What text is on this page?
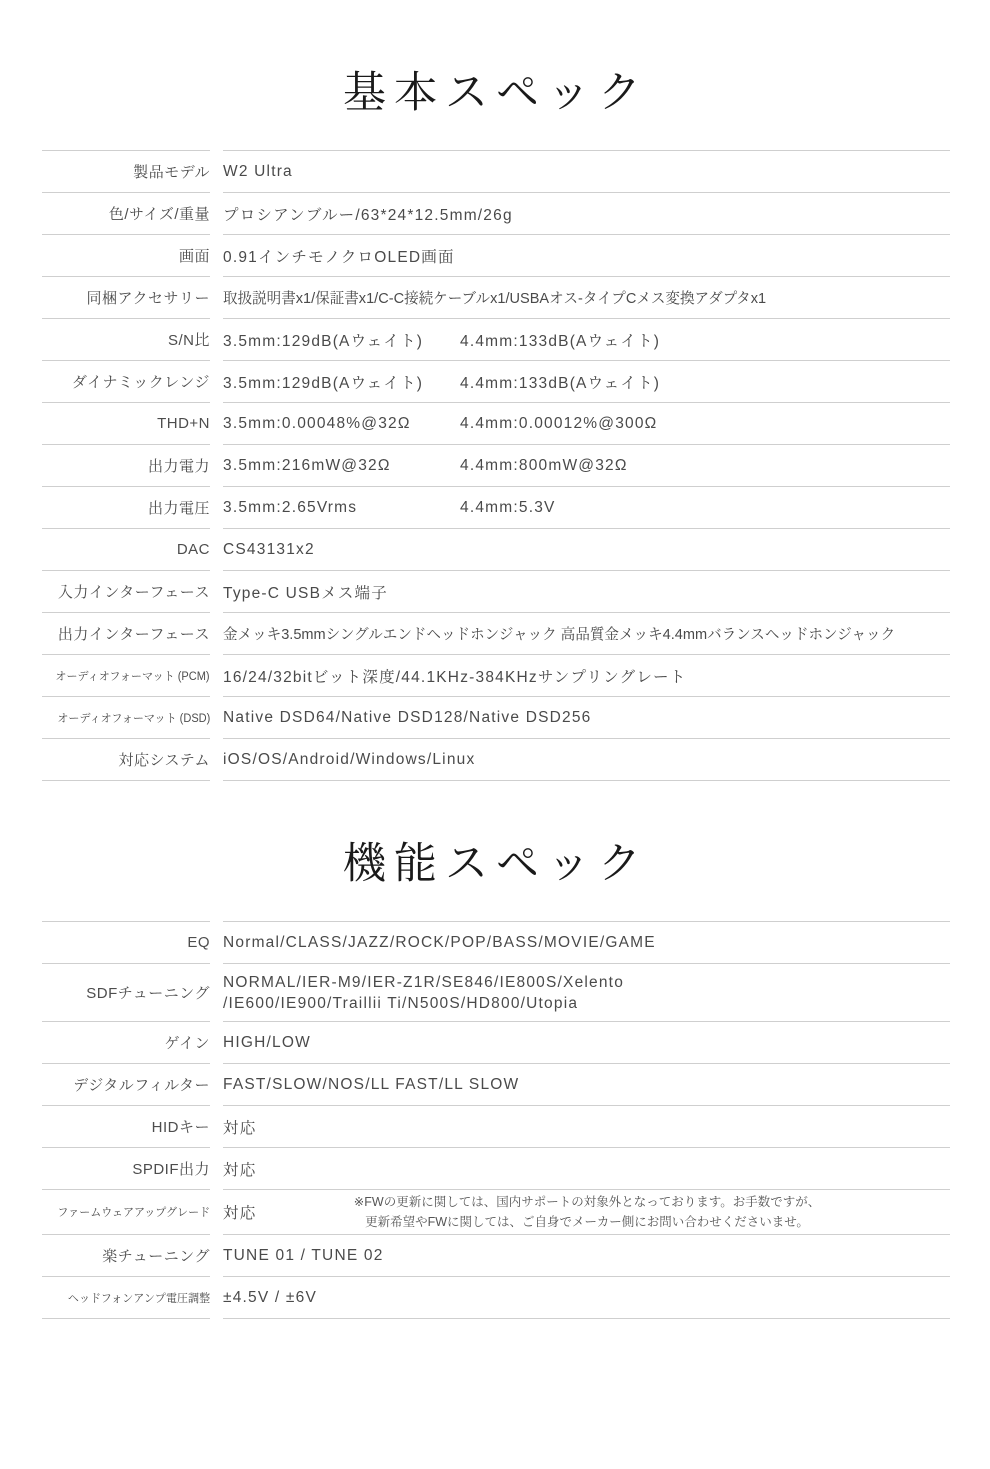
基本スペック
製品モデル W2 Ultra
色/サイズ/重量 プロシアンブルー/63*24*12.5mm/26g
画面 0.91インチモノクロOLED画面
同梱アクセサリー 取扱説明書x1/保証書x1/C-C接続ケーブルx1/USBAオス-タイプCメス変換アダプタx1
S/N比 3.5mm:129dB(Aウェイト)	4.4mm:133dB(Aウェイト)
ダイナミックレンジ 3.5mm:129dB(Aウェイト)	4.4mm:133dB(Aウェイト)
THD+N 3.5mm:0.00048%@32Ω	4.4mm:0.00012%@300Ω
出力電力 3.5mm:216mW@32Ω	4.4mm:800mW@32Ω
出力電圧 3.5mm:2.65Vrms	4.4mm:5.3V
DAC CS43131x2
入力インターフェース Type-C USBメス端子
出力インターフェース 金メッキ3.5mmシングルエンドヘッドホンジャック 高品質金メッキ4.4mmバランスヘッドホンジャック
オーディオフォーマット (PCM) 16/24/32bitビット深度/44.1KHz-384KHzサンプリングレート
オーディオフォーマット (DSD) Native DSD64/Native DSD128/Native DSD256
対応システム iOS/OS/Android/Windows/Linux
機能スペック
EQ Normal/CLASS/JAZZ/ROCK/POP/BASS/MOVIE/GAME
SDFチューニング
NORMAL/IER-M9/IER-Z1R/SE846/IE800S/Xelento
/IE600/IE900/Traillii Ti/N500S/HD800/Utopia
ゲイン HIGH/LOW
デジタルフィルター FAST/SLOW/NOS/LL FAST/LL SLOW
HIDキー 対応
SPDIF出力 対応
ファームウェアアップグレード 対応
※FWの更新に関しては、国内サポートの対象外となっております。お手数ですが、
更新希望やFWに関しては、ご自身でメーカー側にお問い合わせくださいませ。
楽チューニング TUNE 01 / TUNE 02
ヘッドフォンアンプ電圧調整 ±4.5V / ±6V
